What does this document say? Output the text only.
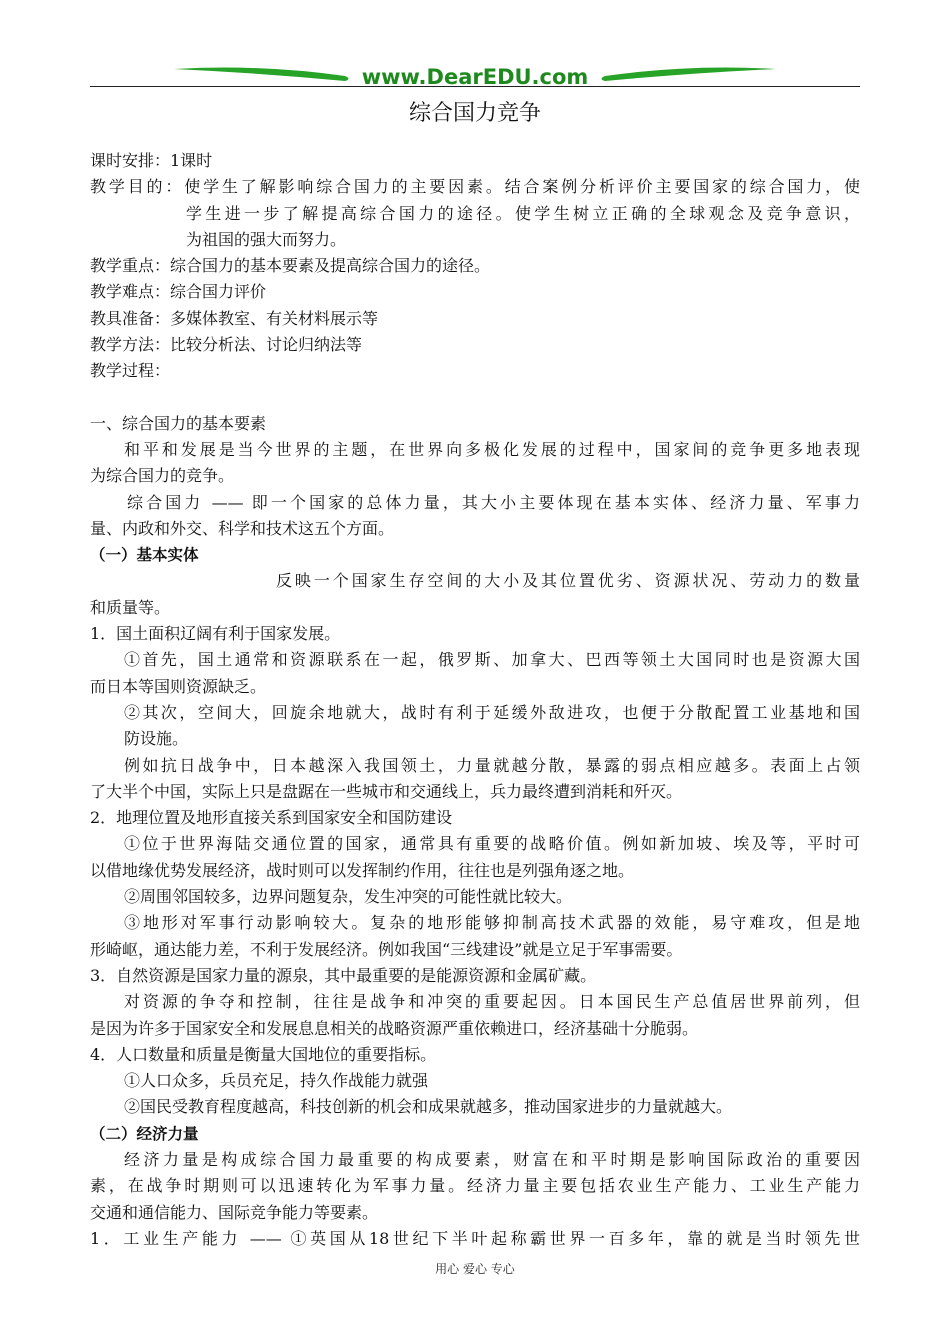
www.DearEDU.com
综合国力竞争

课时安排：1课时

教学目的：使学生了解影响综合国力的主要因素。结合案例分析评价主要国家的综合国力，使

学生进一步了解提高综合国力的途径。使学生树立正确的全球观念及竞争意识，

为祖国的强大而努力。

教学重点：综合国力的基本要素及提高综合国力的途径。

教学难点：综合国力评价

教具准备：多媒体教室、有关材料展示等

教学方法：比较分析法、讨论归纳法等

教学过程：

一、综合国力的基本要素

和平和发展是当今世界的主题，在世界向多极化发展的过程中，国家间的竞争更多地表现

为综合国力的竞争。

综合国力 —— 即一个国家的总体力量，其大小主要体现在基本实体、经济力量、军事力

量、内政和外交、科学和技术这五个方面。

（一）基本实体

反映一个国家生存空间的大小及其位置优劣、资源状况、劳动力的数量

和质量等。

1．国土面积辽阔有利于国家发展。

①首先，国土通常和资源联系在一起，俄罗斯、加拿大、巴西等领土大国同时也是资源大国

而日本等国则资源缺乏。

②其次，空间大，回旋余地就大，战时有利于延缓外敌进攻，也便于分散配置工业基地和国

防设施。

例如抗日战争中，日本越深入我国领土，力量就越分散，暴露的弱点相应越多。表面上占领

了大半个中国，实际上只是盘踞在一些城市和交通线上，兵力最终遭到消耗和歼灭。

2．地理位置及地形直接关系到国家安全和国防建设

①位于世界海陆交通位置的国家，通常具有重要的战略价值。例如新加坡、埃及等，平时可

以借地缘优势发展经济，战时则可以发挥制约作用，往往也是列强角逐之地。

②周围邻国较多，边界问题复杂，发生冲突的可能性就比较大。

③地形对军事行动影响较大。复杂的地形能够抑制高技术武器的效能，易守难攻，但是地

形崎岖，通达能力差，不利于发展经济。例如我国“三线建设”就是立足于军事需要。

3．自然资源是国家力量的源泉，其中最重要的是能源资源和金属矿藏。

对资源的争夺和控制，往往是战争和冲突的重要起因。日本国民生产总值居世界前列，但

是因为许多于国家安全和发展息息相关的战略资源严重依赖进口，经济基础十分脆弱。

4．人口数量和质量是衡量大国地位的重要指标。

①人口众多，兵员充足，持久作战能力就强

②国民受教育程度越高，科技创新的机会和成果就越多，推动国家进步的力量就越大。

（二）经济力量

经济力量是构成综合国力最重要的构成要素，财富在和平时期是影响国际政治的重要因

素，在战争时期则可以迅速转化为军事力量。经济力量主要包括农业生产能力、工业生产能力

交通和通信能力、国际竞争能力等要素。

1．工业生产能力 —— ①英国从18世纪下半叶起称霸世界一百多年，靠的就是当时领先世

用心 爱心 专心
